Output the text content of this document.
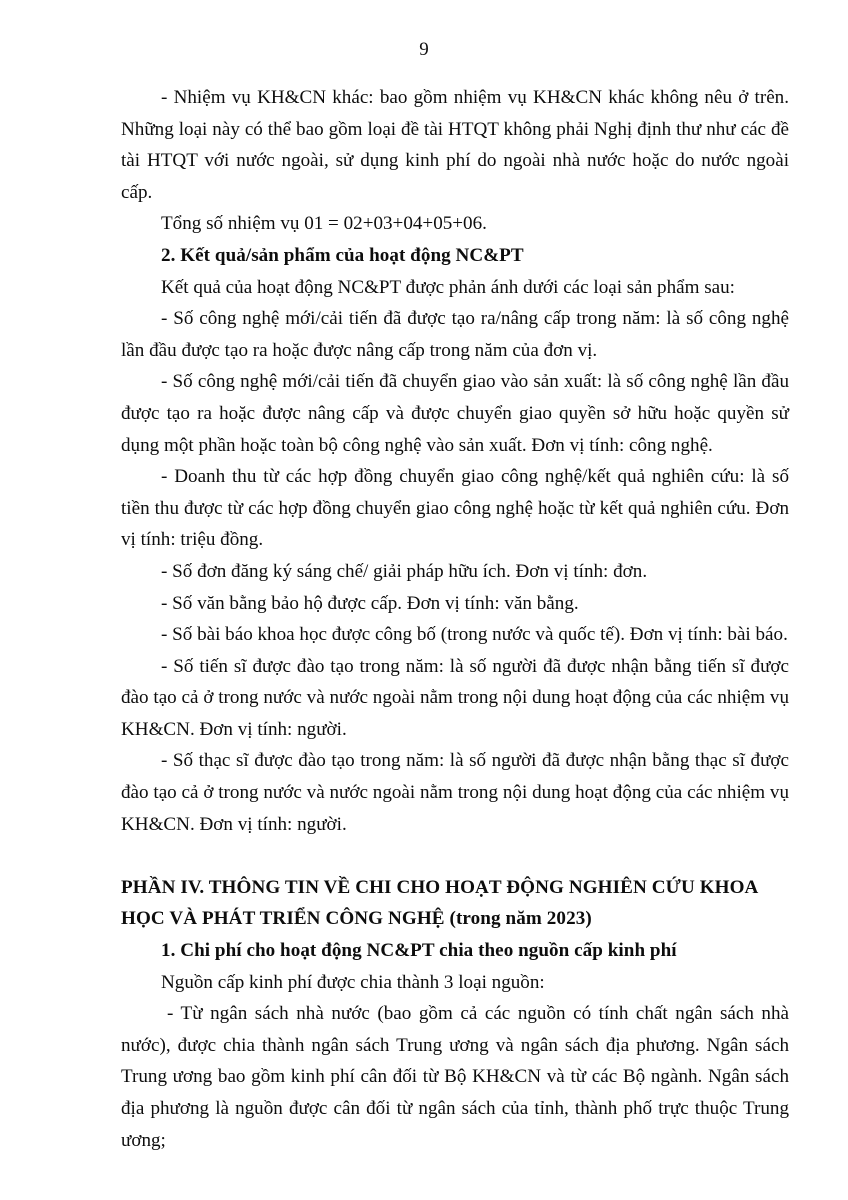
9

- Nhiệm vụ KH&CN khác: bao gồm nhiệm vụ KH&CN khác không nêu ở trên. Những loại này có thể bao gồm loại đề tài HTQT không phải Nghị định thư như các đề tài HTQT với nước ngoài, sử dụng kinh phí do ngoài nhà nước hoặc do nước ngoài cấp.

Tổng số nhiệm vụ 01 = 02+03+04+05+06.

2. Kết quả/sản phẩm của hoạt động NC&PT

Kết quả của hoạt động NC&PT được phản ánh dưới các loại sản phẩm sau:

- Số công nghệ mới/cải tiến đã được tạo ra/nâng cấp trong năm: là số công nghệ lần đầu được tạo ra hoặc được nâng cấp trong năm của đơn vị.

- Số công nghệ mới/cải tiến đã chuyển giao vào sản xuất: là số công nghệ lần đầu được tạo ra hoặc được nâng cấp và được chuyển giao quyền sở hữu hoặc quyền sử dụng một phần hoặc toàn bộ công nghệ vào sản xuất. Đơn vị tính: công nghệ.

- Doanh thu từ các hợp đồng chuyển giao công nghệ/kết quả nghiên cứu: là số tiền thu được từ các hợp đồng chuyển giao công nghệ hoặc từ kết quả nghiên cứu. Đơn vị tính: triệu đồng.

- Số đơn đăng ký sáng chế/ giải pháp hữu ích. Đơn vị tính: đơn.

- Số văn bằng bảo hộ được cấp. Đơn vị tính: văn bằng.

- Số bài báo khoa học được công bố (trong nước và quốc tế). Đơn vị tính: bài báo.

- Số tiến sĩ được đào tạo trong năm: là số người đã được nhận bằng tiến sĩ được đào tạo cả ở trong nước và nước ngoài nằm trong nội dung hoạt động của các nhiệm vụ KH&CN. Đơn vị tính: người.

- Số thạc sĩ được đào tạo trong năm: là số người đã được nhận bằng thạc sĩ được đào tạo cả ở trong nước và nước ngoài nằm trong nội dung hoạt động của các nhiệm vụ KH&CN. Đơn vị tính: người.

PHẦN IV. THÔNG TIN VỀ CHI CHO HOẠT ĐỘNG NGHIÊN CỨU KHOA HỌC VÀ PHÁT TRIỂN CÔNG NGHỆ (trong năm 2023)

1. Chi phí cho hoạt động NC&PT chia theo nguồn cấp kinh phí

Nguồn cấp kinh phí được chia thành 3 loại nguồn:

- Từ ngân sách nhà nước (bao gồm cả các nguồn có tính chất ngân sách nhà nước), được chia thành ngân sách Trung ương và ngân sách địa phương. Ngân sách Trung ương bao gồm kinh phí cân đối từ Bộ KH&CN và từ các Bộ ngành. Ngân sách địa phương là nguồn được cân đối từ ngân sách của tỉnh, thành phố trực thuộc Trung ương;
